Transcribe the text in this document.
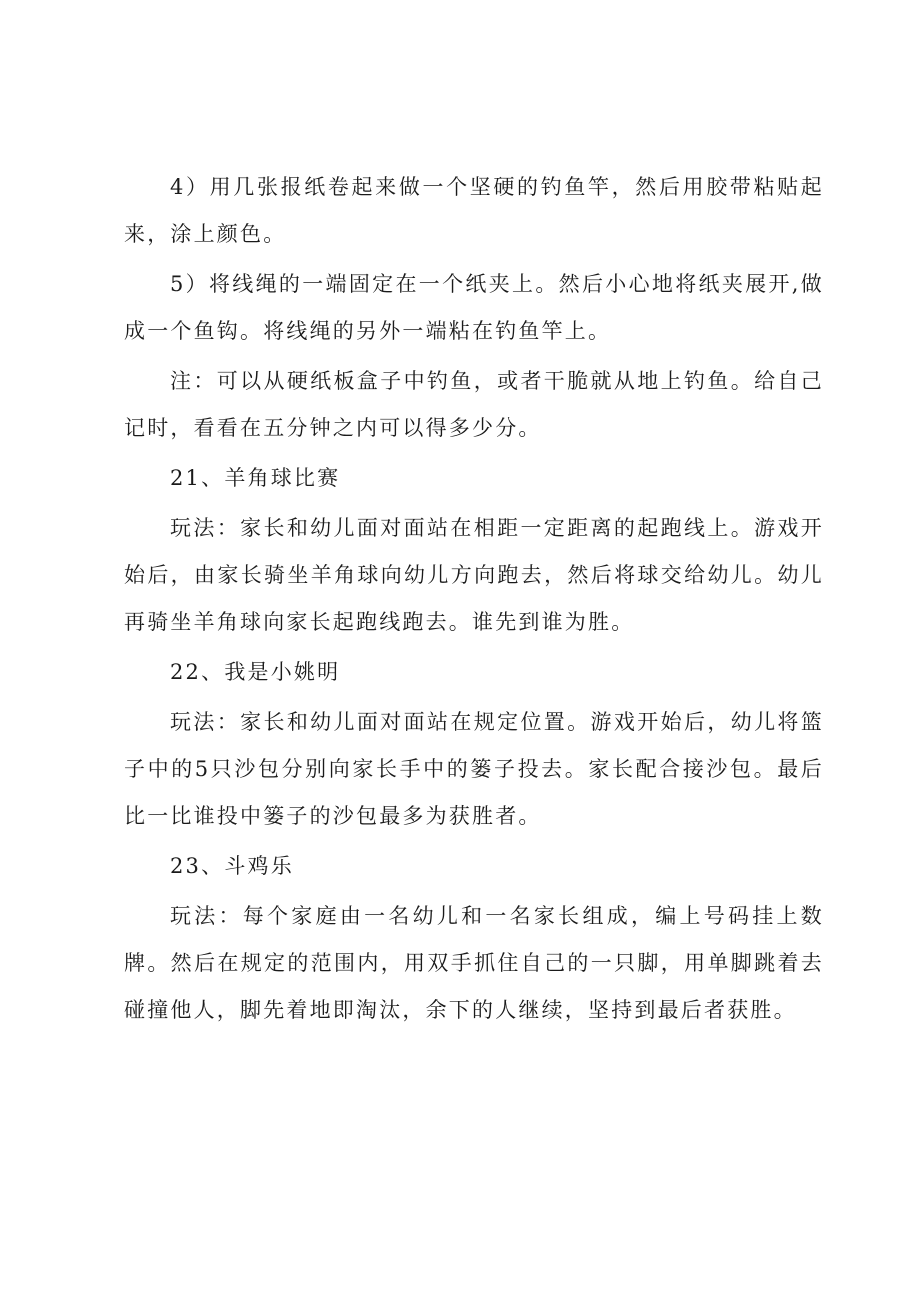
4）用几张报纸卷起来做一个坚硬的钓鱼竿，然后用胶带粘贴起来，涂上颜色。

5）将线绳的一端固定在一个纸夹上。然后小心地将纸夹展开,做成一个鱼钩。将线绳的另外一端粘在钓鱼竿上。

注：可以从硬纸板盒子中钓鱼，或者干脆就从地上钓鱼。给自己记时，看看在五分钟之内可以得多少分。

21、羊角球比赛

玩法：家长和幼儿面对面站在相距一定距离的起跑线上。游戏开始后，由家长骑坐羊角球向幼儿方向跑去，然后将球交给幼儿。幼儿再骑坐羊角球向家长起跑线跑去。谁先到谁为胜。

22、我是小姚明

玩法：家长和幼儿面对面站在规定位置。游戏开始后，幼儿将篮子中的5只沙包分别向家长手中的篓子投去。家长配合接沙包。最后比一比谁投中篓子的沙包最多为获胜者。

23、斗鸡乐

玩法：每个家庭由一名幼儿和一名家长组成，编上号码挂上数牌。然后在规定的范围内，用双手抓住自己的一只脚，用单脚跳着去碰撞他人，脚先着地即淘汰，余下的人继续，坚持到最后者获胜。
